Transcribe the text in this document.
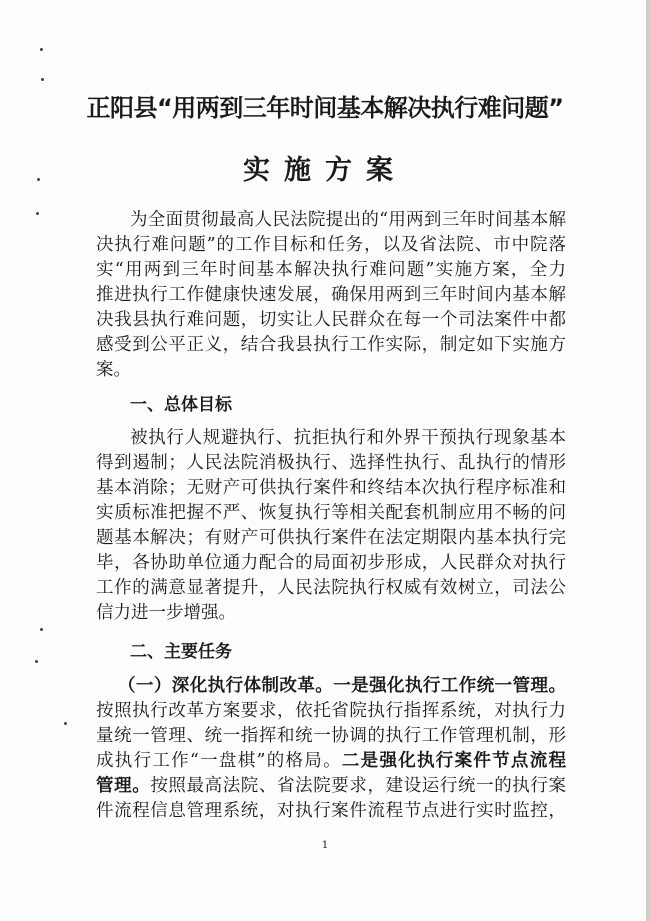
正阳县“用两到三年时间基本解决执行难问题”
实施方案
为全面贯彻最高人民法院提出的“用两到三年时间基本解
决执行难问题”的工作目标和任务，以及省法院、市中院落
实“用两到三年时间基本解决执行难问题”实施方案，全力
推进执行工作健康快速发展，确保用两到三年时间内基本解
决我县执行难问题，切实让人民群众在每一个司法案件中都
感受到公平正义，结合我县执行工作实际，制定如下实施方
案。
一、总体目标
被执行人规避执行、抗拒执行和外界干预执行现象基本
得到遏制；人民法院消极执行、选择性执行、乱执行的情形
基本消除；无财产可供执行案件和终结本次执行程序标准和
实质标准把握不严、恢复执行等相关配套机制应用不畅的问
题基本解决；有财产可供执行案件在法定期限内基本执行完
毕，各协助单位通力配合的局面初步形成，人民群众对执行
工作的满意显著提升，人民法院执行权威有效树立，司法公
信力进一步增强。
二、主要任务
（一）深化执行体制改革。一是强化执行工作统一管理。
按照执行改革方案要求，依托省院执行指挥系统，对执行力
量统一管理、统一指挥和统一协调的执行工作管理机制，形
成执行工作“一盘棋”的格局。二是强化执行案件节点流程
管理。按照最高法院、省法院要求，建设运行统一的执行案
件流程信息管理系统，对执行案件流程节点进行实时监控，
1
